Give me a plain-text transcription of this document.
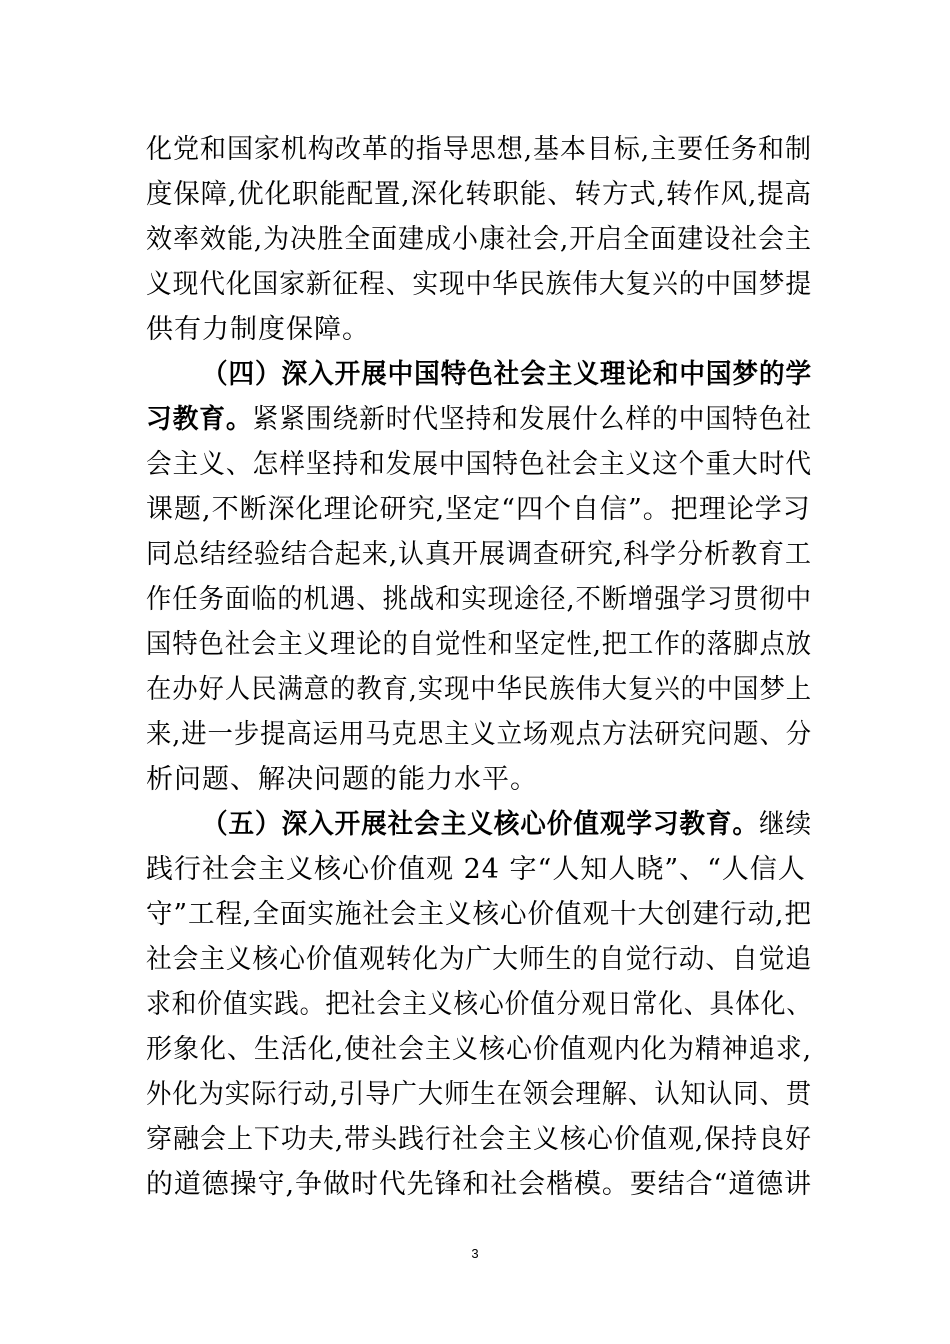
化党和国家机构改革的指导思想,基本目标,主要任务和制
度保障,优化职能配置,深化转职能、转方式,转作风,提高
效率效能,为决胜全面建成小康社会,开启全面建设社会主
义现代化国家新征程、实现中华民族伟大复兴的中国梦提
供有力制度保障。
（四）深入开展中国特色社会主义理论和中国梦的学
习教育。紧紧围绕新时代坚持和发展什么样的中国特色社
会主义、怎样坚持和发展中国特色社会主义这个重大时代
课题,不断深化理论研究,坚定“四个自信”。把理论学习
同总结经验结合起来,认真开展调查研究,科学分析教育工
作任务面临的机遇、挑战和实现途径,不断增强学习贯彻中
国特色社会主义理论的自觉性和坚定性,把工作的落脚点放
在办好人民满意的教育,实现中华民族伟大复兴的中国梦上
来,进一步提高运用马克思主义立场观点方法研究问题、分
析问题、解决问题的能力水平。
（五）深入开展社会主义核心价值观学习教育。继续
践行社会主义核心价值观 24 字“人知人晓”、“人信人
守”工程,全面实施社会主义核心价值观十大创建行动,把
社会主义核心价值观转化为广大师生的自觉行动、自觉追
求和价值实践。把社会主义核心价值分观日常化、具体化、
形象化、生活化,使社会主义核心价值观内化为精神追求,
外化为实际行动,引导广大师生在领会理解、认知认同、贯
穿融会上下功夫,带头践行社会主义核心价值观,保持良好
的道德操守,争做时代先锋和社会楷模。要结合“道德讲
3
